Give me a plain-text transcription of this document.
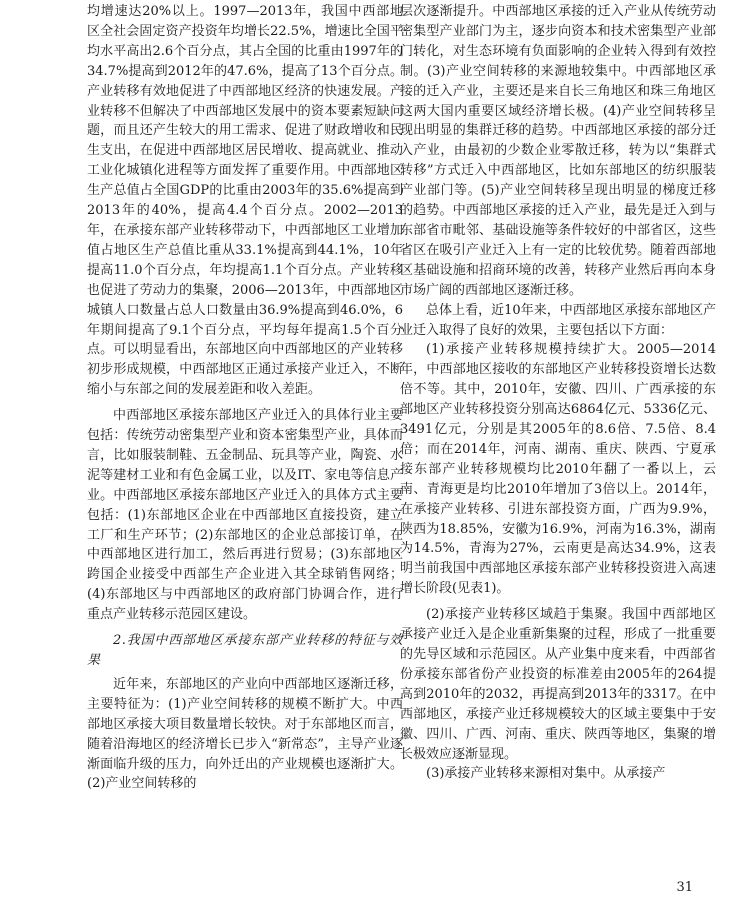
均增速达20%以上。1997—2013年，我国中西部地区全社会固定资产投资年均增长22.5%，增速比全国平均水平高出2.6个百分点，其占全国的比重由1997年的34.7%提高到2012年的47.6%，提高了13个百分点。产业转移有效地促进了中西部地区经济的快速发展。产业转移不但解决了中西部地区发展中的资本要素短缺问题，而且还产生较大的用工需求、促进了财政增收和民生支出，在促进中西部地区居民增收、提高就业、推动工业化城镇化进程等方面发挥了重要作用。中西部地区生产总值占全国GDP的比重由2003年的35.6%提高到2013年的40%，提高4.4个百分点。2002—2013年，在承接东部产业转移带动下，中西部地区工业增加值占地区生产总值比重从33.1%提高到44.1%，10年提高11.0个百分点，年均提高1.1个百分点。产业转移也促进了劳动力的集聚，2006—2013年，中西部地区城镇人口数量占总人口数量由36.9%提高到46.0%，6年期间提高了9.1个百分点，平均每年提高1.5个百分点。可以明显看出，东部地区向中西部地区的产业转移初步形成规模，中西部地区正通过承接产业迁入，不断缩小与东部之间的发展差距和收入差距。

中西部地区承接东部地区产业迁入的具体行业主要包括：传统劳动密集型产业和资本密集型产业，具体而言，比如服装制鞋、五金制品、玩具等产业，陶瓷、水泥等建材工业和有色金属工业，以及IT、家电等信息产业。中西部地区承接东部地区产业迁入的具体方式主要包括：(1)东部地区企业在中西部地区直接投资，建立工厂和生产环节；(2)东部地区的企业总部接订单，在中西部地区进行加工，然后再进行贸易；(3)东部地区跨国企业接受中西部生产企业进入其全球销售网络；(4)东部地区与中西部地区的政府部门协调合作，进行重点产业转移示范园区建设。

2.我国中西部地区承接东部产业转移的特征与效果

近年来，东部地区的产业向中西部地区逐渐迁移，主要特征为：(1)产业空间转移的规模不断扩大。中西部地区承接大项目数量增长较快。对于东部地区而言，随着沿海地区的经济增长已步入“新常态”，主导产业逐渐面临升级的压力，向外迁出的产业规模也逐渐扩大。(2)产业空间转移的

层次逐渐提升。中西部地区承接的迁入产业从传统劳动密集型产业部门为主，逐步向资本和技术密集型产业部门转化，对生态环境有负面影响的企业转入得到有效控制。(3)产业空间转移的来源地较集中。中西部地区承接的迁入产业，主要还是来自长三角地区和珠三角地区这两大国内重要区域经济增长极。(4)产业空间转移呈现出明显的集群迁移的趋势。中西部地区承接的部分迁入产业，由最初的少数企业零散迁移，转为以“集群式转移”方式迁入中西部地区，比如东部地区的纺织服装产业部门等。(5)产业空间转移呈现出明显的梯度迁移的趋势。中西部地区承接的迁入产业，最先是迁入到与东部省市毗邻、基础设施等条件较好的中部省区，这些省区在吸引产业迁入上有一定的比较优势。随着西部地区基础设施和招商环境的改善，转移产业然后再向本身市场广阔的西部地区逐渐迁移。

总体上看，近10年来，中西部地区承接东部地区产业迁入取得了良好的效果，主要包括以下方面：

(1)承接产业转移规模持续扩大。2005—2014年，中西部地区接收的东部地区产业转移投资增长达数倍不等。其中，2010年，安徽、四川、广西承接的东部地区产业转移投资分别高达6864亿元、5336亿元、3491亿元，分别是其2005年的8.6倍、7.5倍、8.4倍；而在2014年，河南、湖南、重庆、陕西、宁夏承接东部产业转移规模均比2010年翻了一番以上，云南、青海更是均比2010年增加了3倍以上。2014年，在承接产业转移、引进东部投资方面，广西为9.9%，陕西为18.85%，安徽为16.9%，河南为16.3%，湖南为14.5%，青海为27%，云南更是高达34.9%，这表明当前我国中西部地区承接东部产业转移投资进入高速增长阶段(见表1)。

(2)承接产业转移区域趋于集聚。我国中西部地区承接产业迁入是企业重新集聚的过程，形成了一批重要的先导区域和示范园区。从产业集中度来看，中西部省份承接东部省份产业投资的标准差由2005年的264提高到2010年的2032，再提高到2013年的3317。在中西部地区，承接产业迁移规模较大的区域主要集中于安徽、四川、广西、河南、重庆、陕西等地区，集聚的增长极效应逐渐显现。

(3)承接产业转移来源相对集中。从承接产

31
